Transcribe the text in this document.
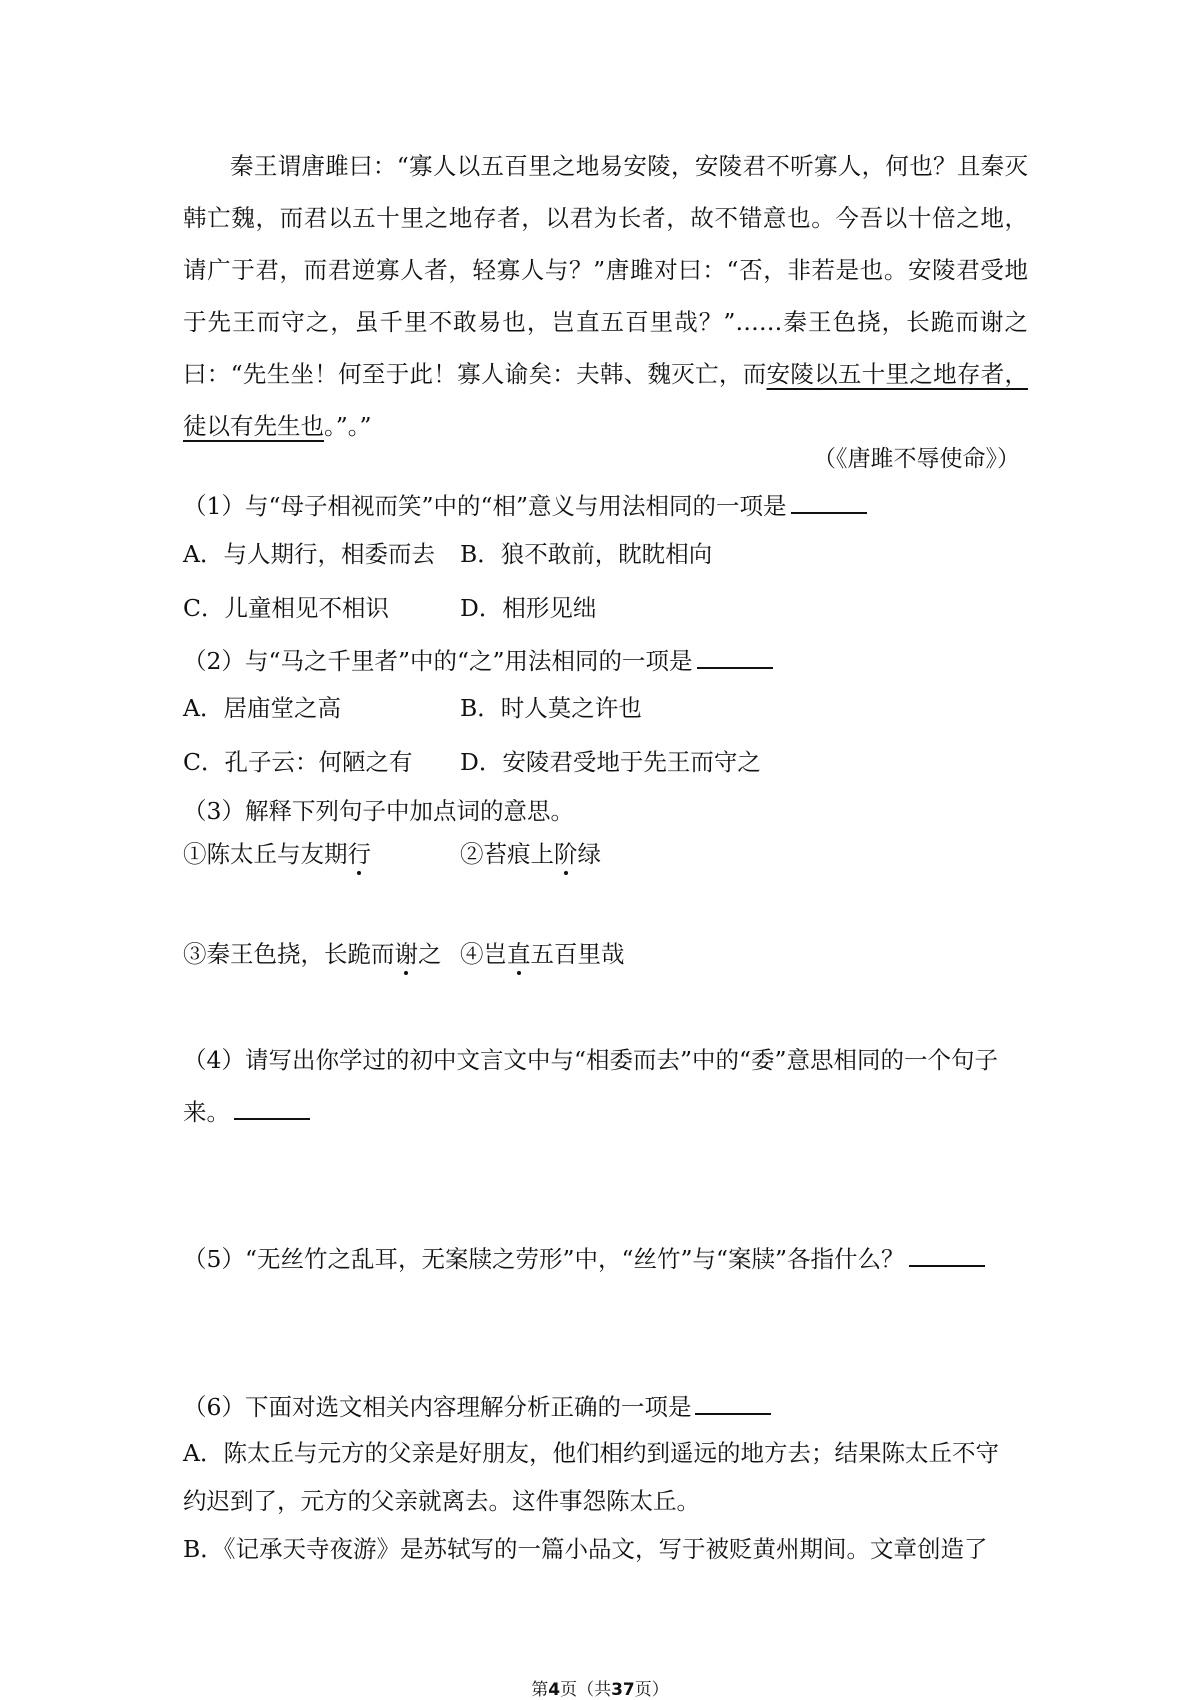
秦王谓唐雎曰：“寡人以五百里之地易安陵，安陵君不听寡人，何也？且秦灭韩亡魏，而君以五十里之地存者，以君为长者，故不错意也。今吾以十倍之地，请广于君，而君逆寡人者，轻寡人与？”唐雎对曰：“否，非若是也。安陵君受地于先王而守之，虽千里不敢易也，岂直五百里哉？”……秦王色挠，长跪而谢之曰：“先生坐！何至于此！寡人谕矣：夫韩、魏灭亡，而安陵以五十里之地存者，徒以有先生也。”。”
（《唐雎不辱使命》）
（1）与“母子相视而笑”中的“相”意义与用法相同的一项是
A．与人期行，相委而去 B．狼不敢前，眈眈相向
C．儿童相见不相识	D．相形见绌
（2）与“马之千里者”中的“之”用法相同的一项是
A．居庙堂之高	B．时人莫之许也
C．孔子云：何陋之有 D．安陵君受地于先王而守之
（3）解释下列句子中加点词的意思。
①陈太丘与友期行	②苔痕上阶绿
③秦王色挠，长跪而谢之 ④岂直五百里哉
（4）请写出你学过的初中文言文中与“相委而去”中的“委”意思相同的一个句子
来。
（5）“无丝竹之乱耳，无案牍之劳形”中，“丝竹”与“案牍”各指什么？
（6）下面对选文相关内容理解分析正确的一项是
A．陈太丘与元方的父亲是好朋友，他们相约到遥远的地方去；结果陈太丘不守
约迟到了，元方的父亲就离去。这件事怨陈太丘。
B．《记承天寺夜游》是苏轼写的一篇小品文，写于被贬黄州期间。文章创造了
第4页（共37页）
